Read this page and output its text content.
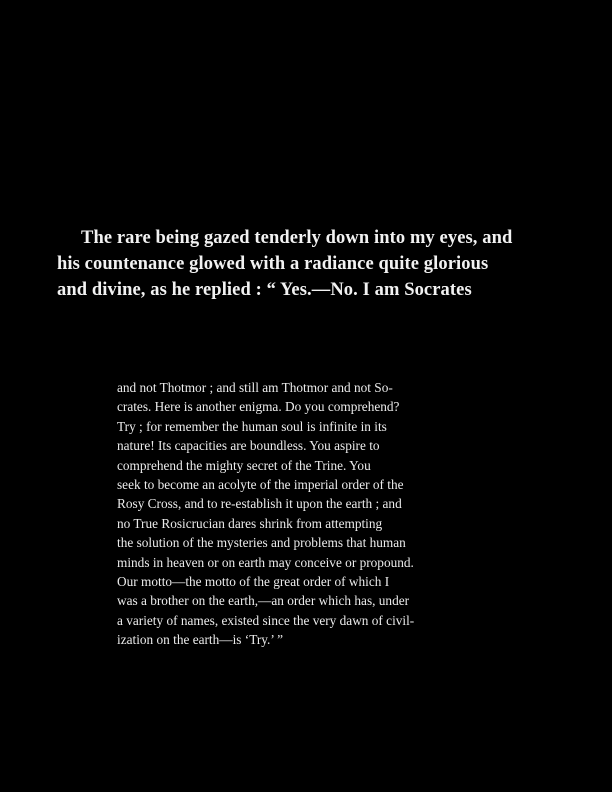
The rare being gazed tenderly down into my eyes, and
his countenance glowed with a radiance quite glorious
and divine, as he replied : “ Yes.—No. I am Socrates
and not Thotmor ; and still am Thotmor and not So-
crates. Here is another enigma. Do you comprehend?
Try ; for remember the human soul is infinite in its
nature! Its capacities are boundless. You aspire to
comprehend the mighty secret of the Trine. You
seek to become an acolyte of the imperial order of the
Rosy Cross, and to re-establish it upon the earth ; and
no True Rosicrucian dares shrink from attempting
the solution of the mysteries and problems that human
minds in heaven or on earth may conceive or propound.
Our motto—the motto of the great order of which I
was a brother on the earth,—an order which has, under
a variety of names, existed since the very dawn of civil-
ization on the earth—is ‘Try.’ ”
